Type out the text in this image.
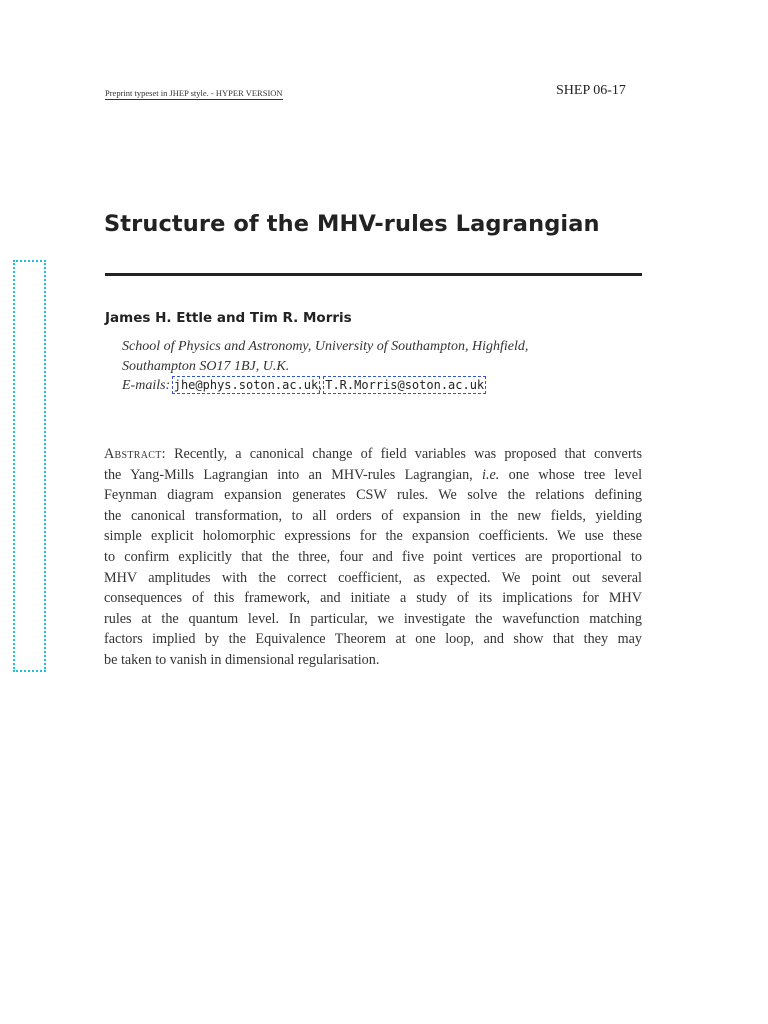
Preprint typeset in JHEP style. - HYPER VERSION	SHEP 06-17
Structure of the MHV-rules Lagrangian
James H. Ettle and Tim R. Morris
School of Physics and Astronomy, University of Southampton, Highfield,
Southampton SO17 1BJ, U.K.
E-mails: jhe@phys.soton.ac.uk, T.R.Morris@soton.ac.uk
Abstract: Recently, a canonical change of field variables was proposed that converts
the Yang-Mills Lagrangian into an MHV-rules Lagrangian, i.e. one whose tree level
Feynman diagram expansion generates CSW rules. We solve the relations defining
the canonical transformation, to all orders of expansion in the new fields, yielding
simple explicit holomorphic expressions for the expansion coefficients. We use these
to confirm explicitly that the three, four and five point vertices are proportional to
MHV amplitudes with the correct coefficient, as expected. We point out several
consequences of this framework, and initiate a study of its implications for MHV
rules at the quantum level. In particular, we investigate the wavefunction matching
factors implied by the Equivalence Theorem at one loop, and show that they may
be taken to vanish in dimensional regularisation.
